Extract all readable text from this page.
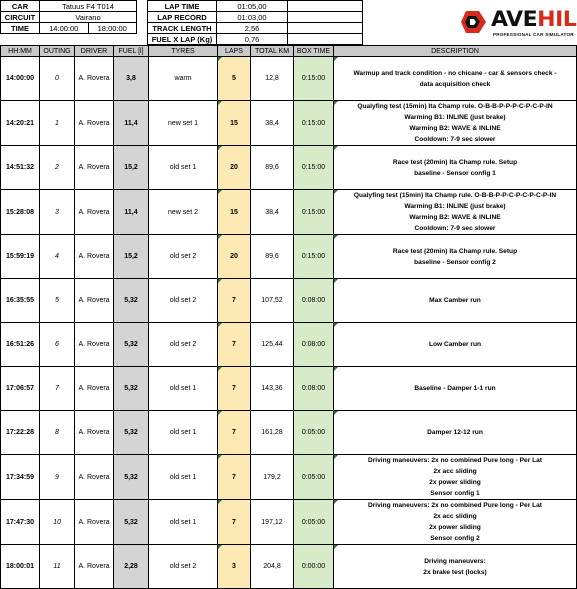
CAR	Tatuus F4 T014	
CIRCUIT	Vairano	
TIME	14:00:00	18:00:00
LAP TIME	01:05,00	
LAP RECORD	01:03,00	
TRACK LENGTH	2,56	
FUEL X LAP (Kg)	0,76	
AVEHIL
PROFESSIONAL CAR SIMULATOR
HH:MM	OUTING	DRIVER	FUEL [l]	TYRES	LAPS	TOTAL KM	BOX TIME	DESCRIPTION
14:00:00	0	A. Rovera	3,8	warm	5	12,8	0:15:00	Warmup and track condition - no chicane - car & sensors check -
data acquisition check

14:20:21	1	A. Rovera	11,4	new set 1	15	38,4	0:15:00	Qualyfing test (15min) Ita Champ rule. O-B-B-P-P-P-C-P-C-P-IN
Warming B1: INLINE (just brake)
Warming B2: WAVE & INLINE
Cooldown: 7-9 sec slower

14:51:32	2	A. Rovera	15,2	old set 1	20	89,6	0:15:00	Race test (20min) Ita Champ rule. Setup
baseline - Sensor config 1

15:28:08	3	A. Rovera	11,4	new set 2	15	38,4	0:15:00	Qualyfing test (15min) Ita Champ rule. O-B-B-P-P-C-P-C-P-C-P-IN
Warming B1: INLINE (just brake)
Warming B2: WAVE & INLINE
Cooldown: 7-9 sec slower

15:59:19	4	A. Rovera	15,2	old set 2	20	89,6	0:15:00	Race test (20min) Ita Champ rule. Setup
baseline - Sensor config 2

16:35:55	5	A. Rovera	5,32	old set 2	7	107,52	0:08:00	Max Camber run

16:51:26	6	A. Rovera	5,32	old set 2	7	125,44	0:08:00	Low Camber run

17:06:57	7	A. Rovera	5,32	old set 1	7	143,36	0:08:00	Baseline - Damper 1-1 run

17:22:28	8	A. Rovera	5,32	old set 1	7	161,28	0:05:00	Damper 12-12 run

17:34:59	9	A. Rovera	5,32	old set 1	7	179,2	0:05:00	Driving maneuvers: 2x no combined Pure long - Per Lat
2x acc sliding
2x power sliding
Sensor config 1

17:47:30	10	A. Rovera	5,32	old set 1	7	197,12	0:05:00	Driving maneuvers: 2x no combined Pure long - Per Lat
2x acc sliding
2x power sliding
Sensor config 2

18:00:01	11	A. Rovera	2,28	old set 2	3	204,8	0:00:00	Driving maneuvers:
2x brake test (locks)
